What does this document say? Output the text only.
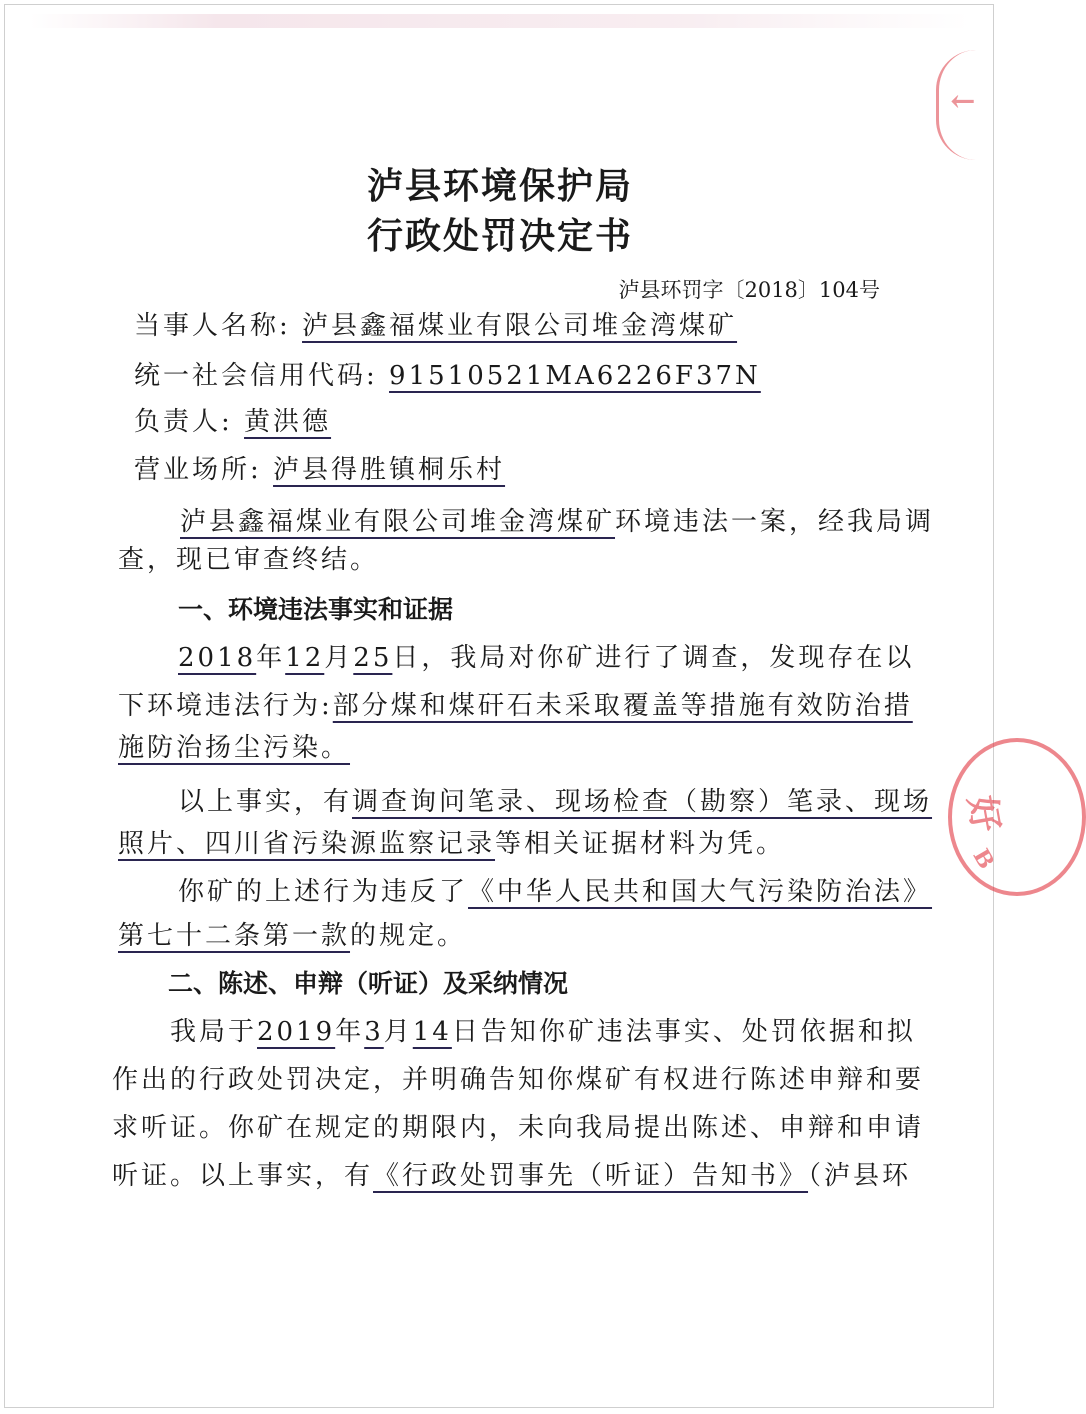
↓
好
B
泸县环境保护局
行政处罚决定书
泸县环罚字〔2018〕104号
当事人名称: 泸县鑫福煤业有限公司堆金湾煤矿
统一社会信用代码: 91510521MA6226F37N
负责人: 黄洪德
营业场所: 泸县得胜镇桐乐村
泸县鑫福煤业有限公司堆金湾煤矿环境违法一案，经我局调
查，现已审查终结。
一、环境违法事实和证据
2018年12月25日，我局对你矿进行了调查，发现存在以
下环境违法行为:部分煤和煤矸石未采取覆盖等措施有效防治措
施防治扬尘污染。
以上事实，有调查询问笔录、现场检查（勘察）笔录、现场
照片、四川省污染源监察记录等相关证据材料为凭。
你矿的上述行为违反了《中华人民共和国大气污染防治法》
第七十二条第一款的规定。
二、陈述、申辩（听证）及采纳情况
我局于2019年3月14日告知你矿违法事实、处罚依据和拟
作出的行政处罚决定，并明确告知你煤矿有权进行陈述申辩和要
求听证。你矿在规定的期限内，未向我局提出陈述、申辩和申请
听证。以上事实，有《行政处罚事先（听证）告知书》（泸县环
